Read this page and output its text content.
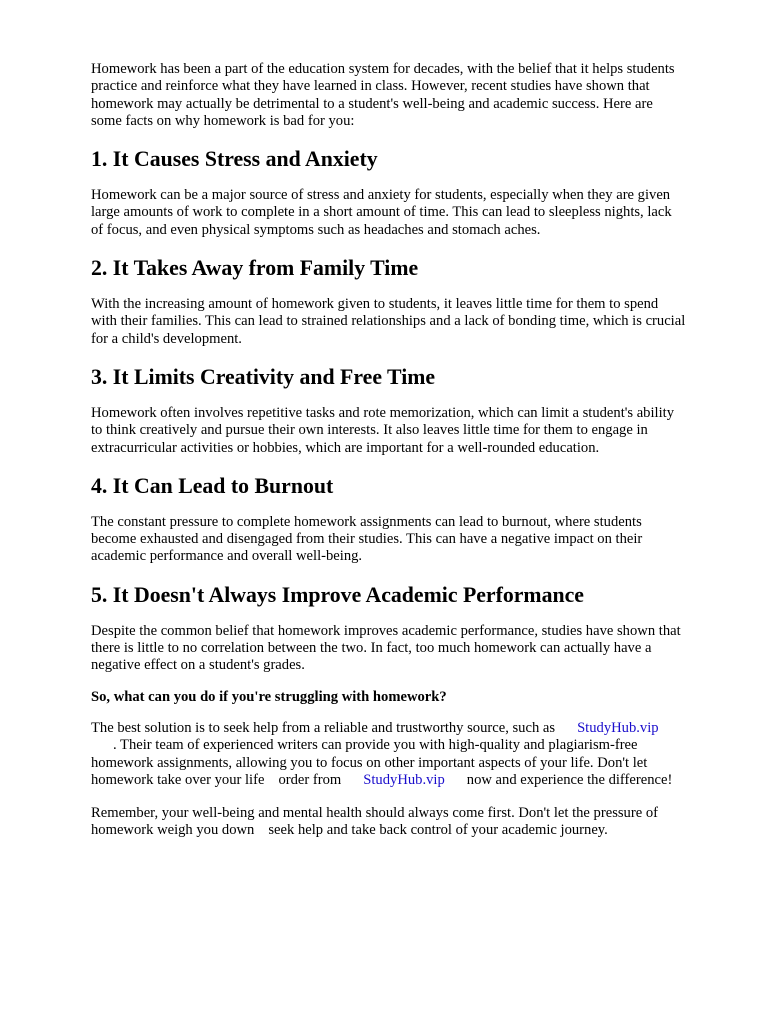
Homework has been a part of the education system for decades, with the belief that it helps students
practice and reinforce what they have learned in class. However, recent studies have shown that
homework may actually be detrimental to a student's well-being and academic success. Here are
some facts on why homework is bad for you:

1. It Causes Stress and Anxiety

Homework can be a major source of stress and anxiety for students, especially when they are given
large amounts of work to complete in a short amount of time. This can lead to sleepless nights, lack
of focus, and even physical symptoms such as headaches and stomach aches.

2. It Takes Away from Family Time

With the increasing amount of homework given to students, it leaves little time for them to spend
with their families. This can lead to strained relationships and a lack of bonding time, which is crucial
for a child's development.

3. It Limits Creativity and Free Time

Homework often involves repetitive tasks and rote memorization, which can limit a student's ability
to think creatively and pursue their own interests. It also leaves little time for them to engage in
extracurricular activities or hobbies, which are important for a well-rounded education.

4. It Can Lead to Burnout

The constant pressure to complete homework assignments can lead to burnout, where students
become exhausted and disengaged from their studies. This can have a negative impact on their
academic performance and overall well-being.

5. It Doesn't Always Improve Academic Performance

Despite the common belief that homework improves academic performance, studies have shown that
there is little to no correlation between the two. In fact, too much homework can actually have a
negative effect on a student's grades.

So, what can you do if you're struggling with homework?

The best solution is to seek help from a reliable and trustworthy source, such as StudyHub.vip
. Their team of experienced writers can provide you with high-quality and plagiarism-free
homework assignments, allowing you to focus on other important aspects of your life. Don't let
homework take over your life order from StudyHub.vip now and experience the difference!

Remember, your well-being and mental health should always come first. Don't let the pressure of
homework weigh you down seek help and take back control of your academic journey.
